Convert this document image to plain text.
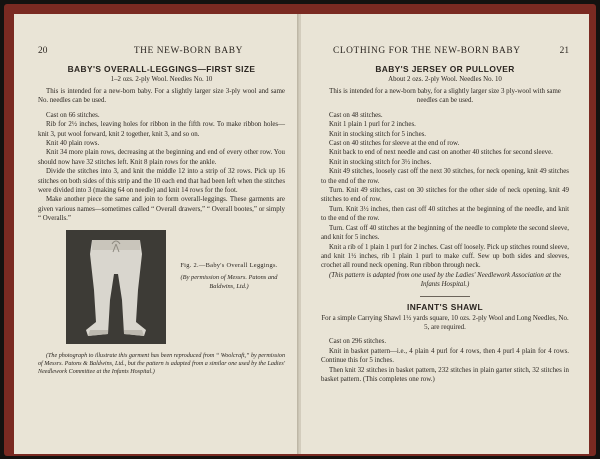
20	THE NEW-BORN BABY
BABY'S OVERALL-LEGGINGS—FIRST SIZE
1–2 ozs. 2-ply Wool. Needles No. 10

This is intended for a new-born baby. For a slightly larger size 3-ply wool and same No. needles can be used.

Cast on 66 stitches.

Rib for 2½ inches, leaving holes for ribbon in the fifth row. To make ribbon holes—knit 3, put wool forward, knit 2 together, knit 3, and so on.

Knit 40 plain rows.

Knit 34 more plain rows, decreasing at the beginning and end of every other row. You should now have 32 stitches left. Knit 8 plain rows for the ankle.

Divide the stitches into 3, and knit the middle 12 into a strip of 32 rows. Pick up 16 stitches on both sides of this strip and the 10 each end that had been left when the stitches were divided into 3 (making 64 on needle) and knit 14 rows for the foot.

Make another piece the same and join to form overall-leggings. These garments are given various names—sometimes called “ Overall drawers,” “ Overall bootes,” or simply “ Overalls.”

Fig. 2.—Baby's Overall Leggings.
(By permission of Messrs. Patons and Baldwins, Ltd.)
(The photograph to illustrate this garment has been reproduced from “ Woolcraft,” by permission of Messrs. Patons & Baldwins, Ltd., but the pattern is adapted from a similar one used by the Ladies' Needlework Committee at the Infants Hospital.)
CLOTHING FOR THE NEW-BORN BABY	21
BABY'S JERSEY OR PULLOVER
About 2 ozs. 2-ply Wool. Needles No. 10

This is intended for a new-born baby, for a slightly larger size 3 ply-wool with same needles can be used.

Cast on 48 stitches.

Knit 1 plain 1 purl for 2 inches.

Knit in stocking stitch for 5 inches.

Cast on 40 stitches for sleeve at the end of row.

Knit back to end of next needle and cast on another 40 stitches for second sleeve.

Knit in stocking stitch for 3½ inches.

Knit 49 stitches, loosely cast off the next 30 stitches, for neck opening, knit 49 stitches to the end of the row.

Turn. Knit 49 stitches, cast on 30 stitches for the other side of neck opening, knit 49 stitches to end of row.

Turn. Knit 3½ inches, then cast off 40 stitches at the beginning of the needle, and knit to the end of the row.

Turn. Cast off 40 stitches at the beginning of the needle to complete the second sleeve, and knit for 5 inches.

Knit a rib of 1 plain 1 purl for 2 inches. Cast off loosely. Pick up stitches round sleeve, and knit 1½ inches, rib 1 plain 1 purl to make cuff. Sew up both sides and sleeves, crochet all round neck opening. Run ribbon through neck.

(This pattern is adapted from one used by the Ladies' Needlework Association at the Infants Hospital.)

INFANT'S SHAWL

For a simple Carrying Shawl 1½ yards square, 10 ozs. 2-ply Wool and Long Needles, No. 5, are required.

Cast on 296 stitches.

Knit in basket pattern—i.e., 4 plain 4 purl for 4 rows, then 4 purl 4 plain for 4 rows. Continue this for 5 inches.

Then knit 32 stitches in basket pattern, 232 stitches in plain garter stitch, 32 stitches in basket pattern. (This completes one row.)
